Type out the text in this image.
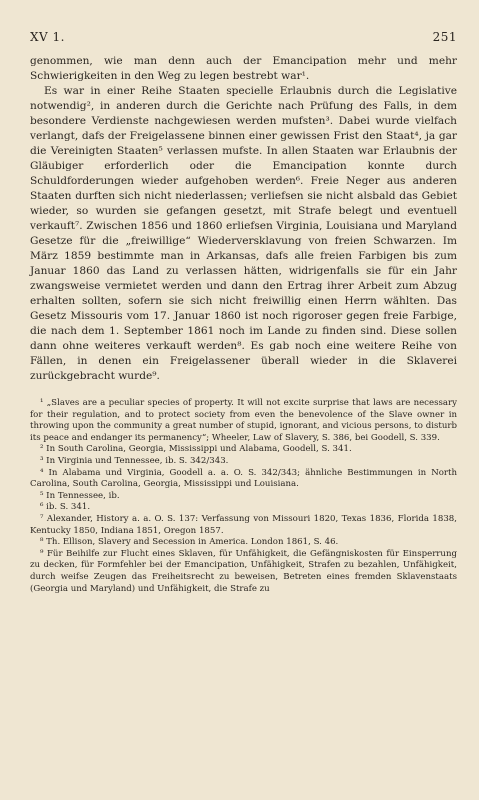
XV 1.	251

genommen, wie man denn auch der Emancipation mehr und mehr Schwierigkeiten in den Weg zu legen bestrebt war¹.

Es war in einer Reihe Staaten specielle Erlaubnis durch die Legislative notwendig², in anderen durch die Gerichte nach Prüfung des Falls, in dem besondere Verdienste nachgewiesen werden mufsten³. Dabei wurde vielfach verlangt, dafs der Freigelassene binnen einer gewissen Frist den Staat⁴, ja gar die Vereinigten Staaten⁵ verlassen mufste. In allen Staaten war Erlaubnis der Gläubiger erforderlich oder die Emancipation konnte durch Schuldforderungen wieder aufgehoben werden⁶. Freie Neger aus anderen Staaten durften sich nicht niederlassen; verliefsen sie nicht alsbald das Gebiet wieder, so wurden sie gefangen gesetzt, mit Strafe belegt und eventuell verkauft⁷. Zwischen 1856 und 1860 erliefsen Virginia, Louisiana und Maryland Gesetze für die „freiwillige“ Wiederversklavung von freien Schwarzen. Im März 1859 bestimmte man in Arkansas, dafs alle freien Farbigen bis zum Januar 1860 das Land zu verlassen hätten, widrigenfalls sie für ein Jahr zwangsweise vermietet werden und dann den Ertrag ihrer Arbeit zum Abzug erhalten sollten, sofern sie sich nicht freiwillig einen Herrn wählten. Das Gesetz Missouris vom 17. Januar 1860 ist noch rigoroser gegen freie Farbige, die nach dem 1. September 1861 noch im Lande zu finden sind. Diese sollen dann ohne weiteres verkauft werden⁸. Es gab noch eine weitere Reihe von Fällen, in denen ein Freigelassener überall wieder in die Sklaverei zurückgebracht wurde⁹.

¹ „Slaves are a peculiar species of property. It will not excite surprise that laws are necessary for their regulation, and to protect society from even the benevolence of the Slave owner in throwing upon the community a great number of stupid, ignorant, and vicious persons, to disturb its peace and endanger its permanency“; Wheeler, Law of Slavery, S. 386, bei Goodell, S. 339.

² In South Carolina, Georgia, Mississippi und Alabama, Goodell, S. 341.

³ In Virginia und Tennessee, ib. S. 342/343.

⁴ In Alabama und Virginia, Goodell a. a. O. S. 342/343; ähnliche Bestimmungen in North Carolina, South Carolina, Georgia, Mississippi und Louisiana.

⁵ In Tennessee, ib.

⁶ ib. S. 341.

⁷ Alexander, History a. a. O. S. 137: Verfassung von Missouri 1820, Texas 1836, Florida 1838, Kentucky 1850, Indiana 1851, Oregon 1857.

⁸ Th. Ellison, Slavery and Secession in America. London 1861, S. 46.

⁹ Für Beihilfe zur Flucht eines Sklaven, für Unfähigkeit, die Gefängniskosten für Einsperrung zu decken, für Formfehler bei der Emancipation, Unfähigkeit, Strafen zu bezahlen, Unfähigkeit, durch weifse Zeugen das Freiheitsrecht zu beweisen, Betreten eines fremden Sklavenstaats (Georgia und Maryland) und Unfähigkeit, die Strafe zu
